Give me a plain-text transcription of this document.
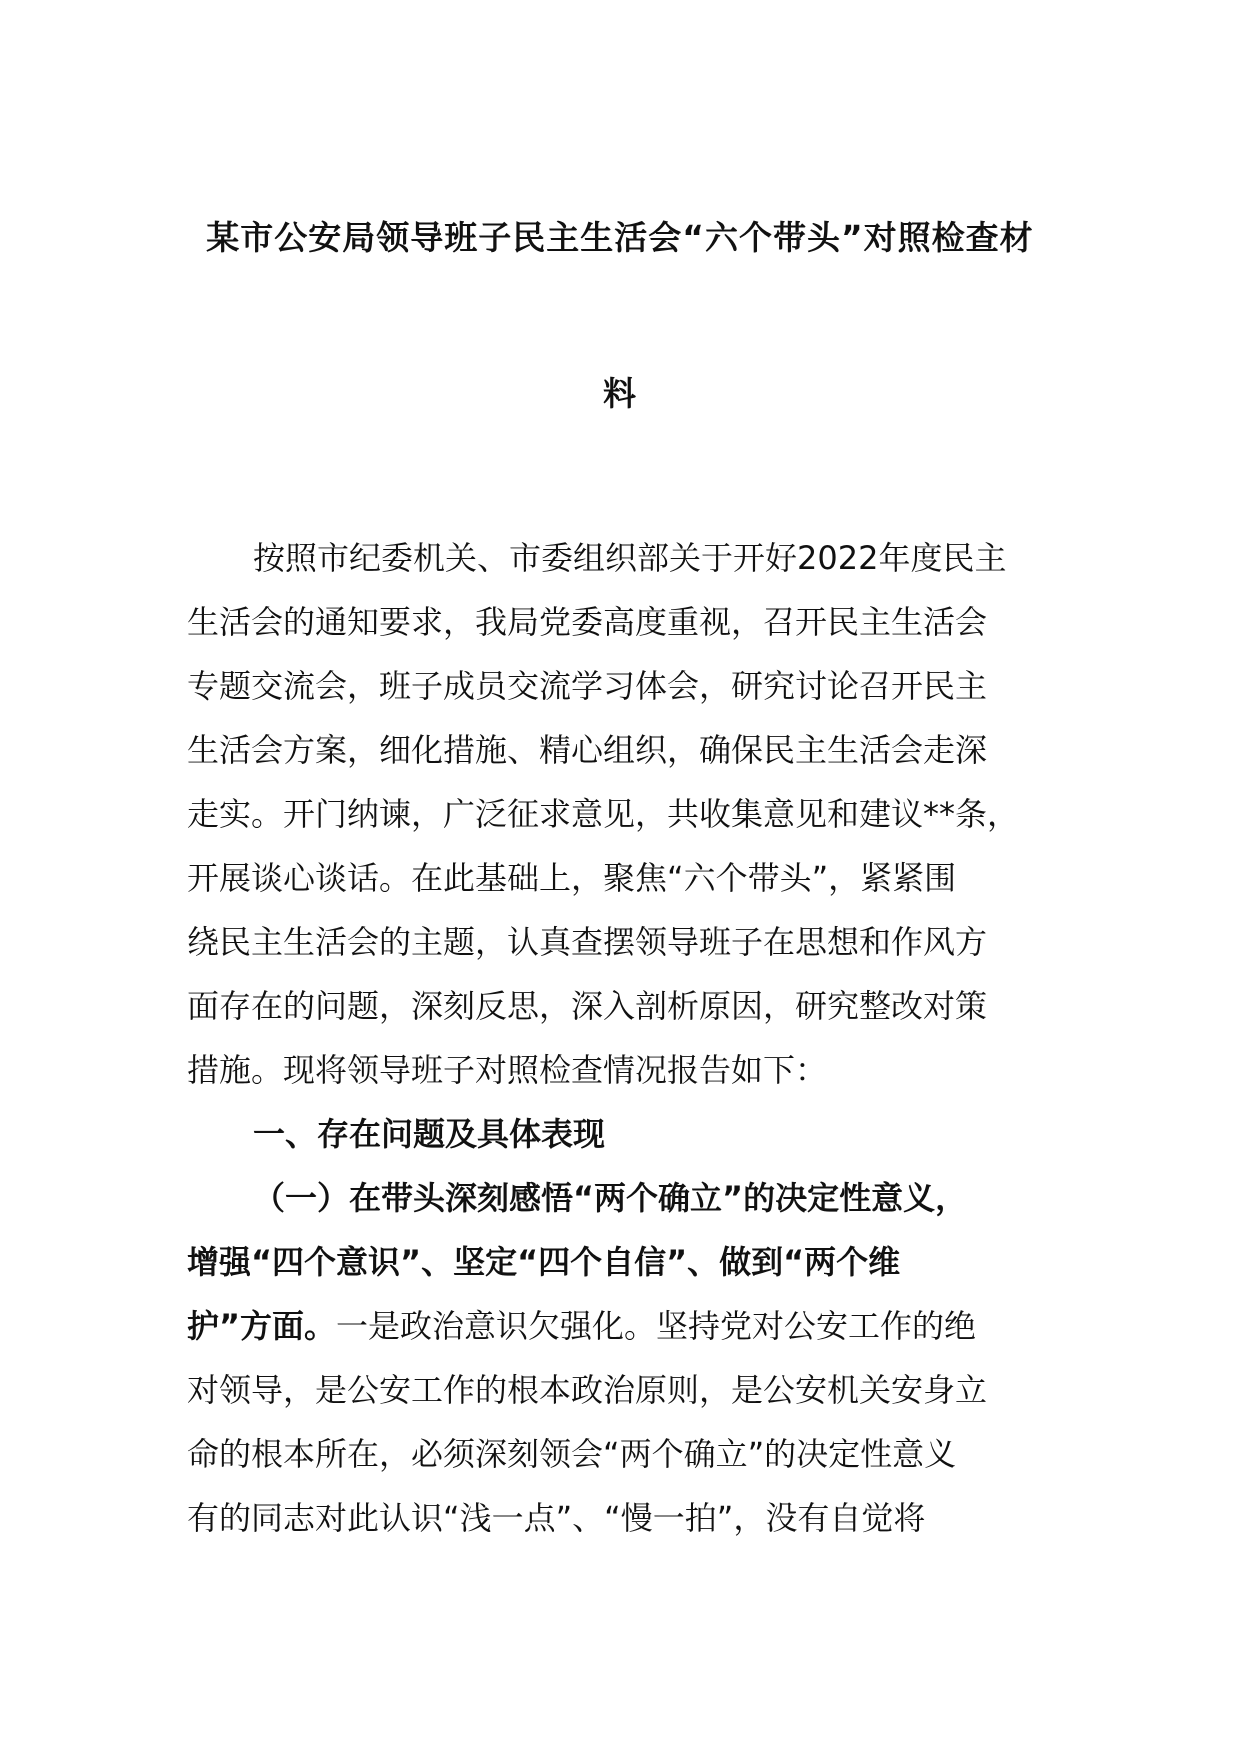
某市公安局领导班子民主生活会“六个带头”对照检查材
料
按照市纪委机关、市委组织部关于开好2022年度民主
生活会的通知要求，我局党委高度重视，召开民主生活会
专题交流会，班子成员交流学习体会，研究讨论召开民主
生活会方案，细化措施、精心组织，确保民主生活会走深
走实。开门纳谏，广泛征求意见，共收集意见和建议**条，
开展谈心谈话。在此基础上，聚焦“六个带头”，紧紧围
绕民主生活会的主题，认真查摆领导班子在思想和作风方
面存在的问题，深刻反思，深入剖析原因，研究整改对策
措施。现将领导班子对照检查情况报告如下：
一、存在问题及具体表现
（一）在带头深刻感悟“两个确立”的决定性意义，
增强“四个意识”、坚定“四个自信”、做到“两个维
护”方面。一是政治意识欠强化。坚持党对公安工作的绝
对领导，是公安工作的根本政治原则，是公安机关安身立
命的根本所在，必须深刻领会“两个确立”的决定性意义
有的同志对此认识“浅一点”、“慢一拍”，没有自觉将
